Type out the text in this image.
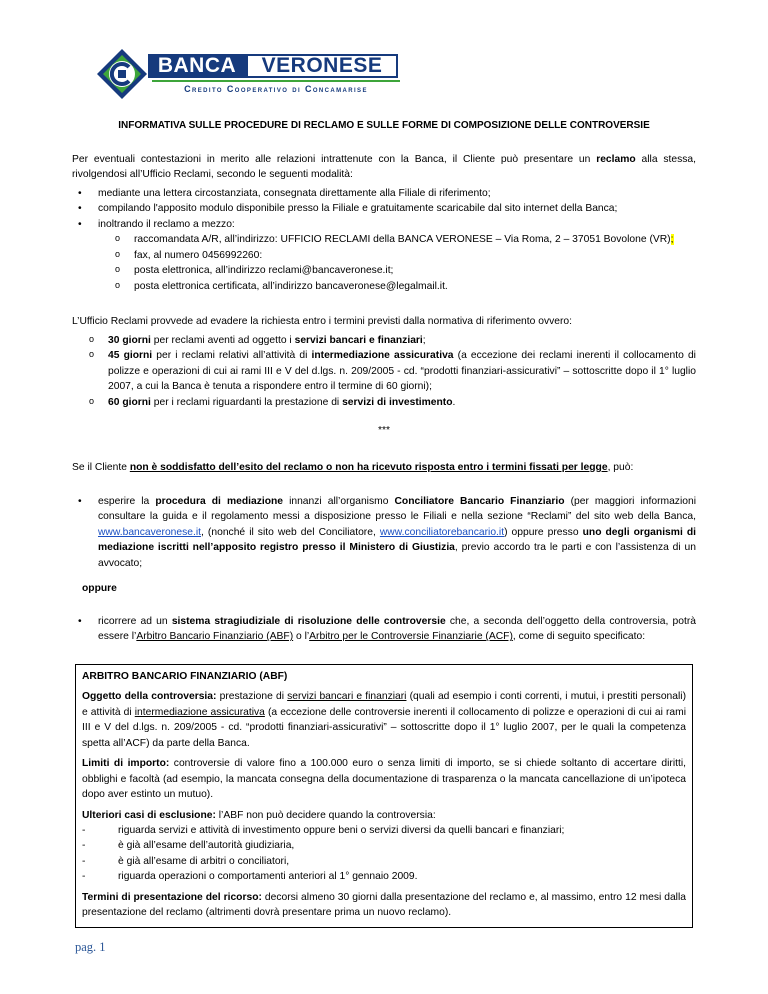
BANCA	VERONESE
Credito Cooperativo di Concamarise
INFORMATIVA SULLE PROCEDURE DI RECLAMO E SULLE FORME DI COMPOSIZIONE DELLE CONTROVERSIE
Per eventuali contestazioni in merito alle relazioni intrattenute con la Banca, il Cliente può presentare un reclamo alla stessa, rivolgendosi all’Ufficio Reclami, secondo le seguenti modalità:
• mediante una lettera circostanziata, consegnata direttamente alla Filiale di riferimento;
• compilando l'apposito modulo disponibile presso la Filiale e gratuitamente scaricabile dal sito internet della Banca;
• inoltrando il reclamo a mezzo:
o raccomandata A/R, all’indirizzo: UFFICIO RECLAMI della BANCA VERONESE – Via Roma, 2 – 37051 Bovolone (VR);
o fax, al numero 0456992260:
o posta elettronica, all’indirizzo reclami@bancaveronese.it;
o posta elettronica certificata, all’indirizzo bancaveronese@legalmail.it.
L’Ufficio Reclami provvede ad evadere la richiesta entro i termini previsti dalla normativa di riferimento ovvero:
o 30 giorni per reclami aventi ad oggetto i servizi bancari e finanziari;
o 45 giorni per i reclami relativi all’attività di intermediazione assicurativa (a eccezione dei reclami inerenti il collocamento di polizze e operazioni di cui ai rami III e V del d.lgs. n. 209/2005 - cd. “prodotti finanziari-assicurativi” – sottoscritte dopo il 1° luglio 2007, a cui la Banca è tenuta a rispondere entro il termine di 60 giorni);
o 60 giorni per i reclami riguardanti la prestazione di servizi di investimento.
***
Se il Cliente non è soddisfatto dell’esito del reclamo o non ha ricevuto risposta entro i termini fissati per legge, può:
• esperire la procedura di mediazione innanzi all’organismo Conciliatore Bancario Finanziario (per maggiori informazioni consultare la guida e il regolamento messi a disposizione presso le Filiali e nella sezione “Reclami” del sito web della Banca, www.bancaveronese.it, (nonché il sito web del Conciliatore, www.conciliatorebancario.it) oppure presso uno degli organismi di mediazione iscritti nell’apposito registro presso il Ministero di Giustizia, previo accordo tra le parti e con l’assistenza di un avvocato;
oppure
• ricorrere ad un sistema stragiudiziale di risoluzione delle controversie che, a seconda dell’oggetto della controversia, potrà essere l’Arbitro Bancario Finanziario (ABF) o l’Arbitro per le Controversie Finanziarie (ACF), come di seguito specificato:

ARBITRO BANCARIO FINANZIARIO (ABF)

Oggetto della controversia: prestazione di servizi bancari e finanziari (quali ad esempio i conti correnti, i mutui, i prestiti personali) e attività di intermediazione assicurativa (a eccezione delle controversie inerenti il collocamento di polizze e operazioni di cui ai rami III e V del d.lgs. n. 209/2005 - cd. “prodotti finanziari-assicurativi” – sottoscritte dopo il 1° luglio 2007, per le quali la competenza spetta all’ACF) da parte della Banca.

Limiti di importo: controversie di valore fino a 100.000 euro o senza limiti di importo, se si chiede soltanto di accertare diritti, obblighi e facoltà (ad esempio, la mancata consegna della documentazione di trasparenza o la mancata cancellazione di un’ipoteca dopo aver estinto un mutuo).

Ulteriori casi di esclusione: l’ABF non può decidere quando la controversia:
- riguarda servizi e attività di investimento oppure beni o servizi diversi da quelli bancari e finanziari;
- è già all’esame dell’autorità giudiziaria,
- è già all’esame di arbitri o conciliatori,
- riguarda operazioni o comportamenti anteriori al 1° gennaio 2009.

Termini di presentazione del ricorso: decorsi almeno 30 giorni dalla presentazione del reclamo e, al massimo, entro 12 mesi dalla presentazione del reclamo (altrimenti dovrà presentare prima un nuovo reclamo).

pag. 1
